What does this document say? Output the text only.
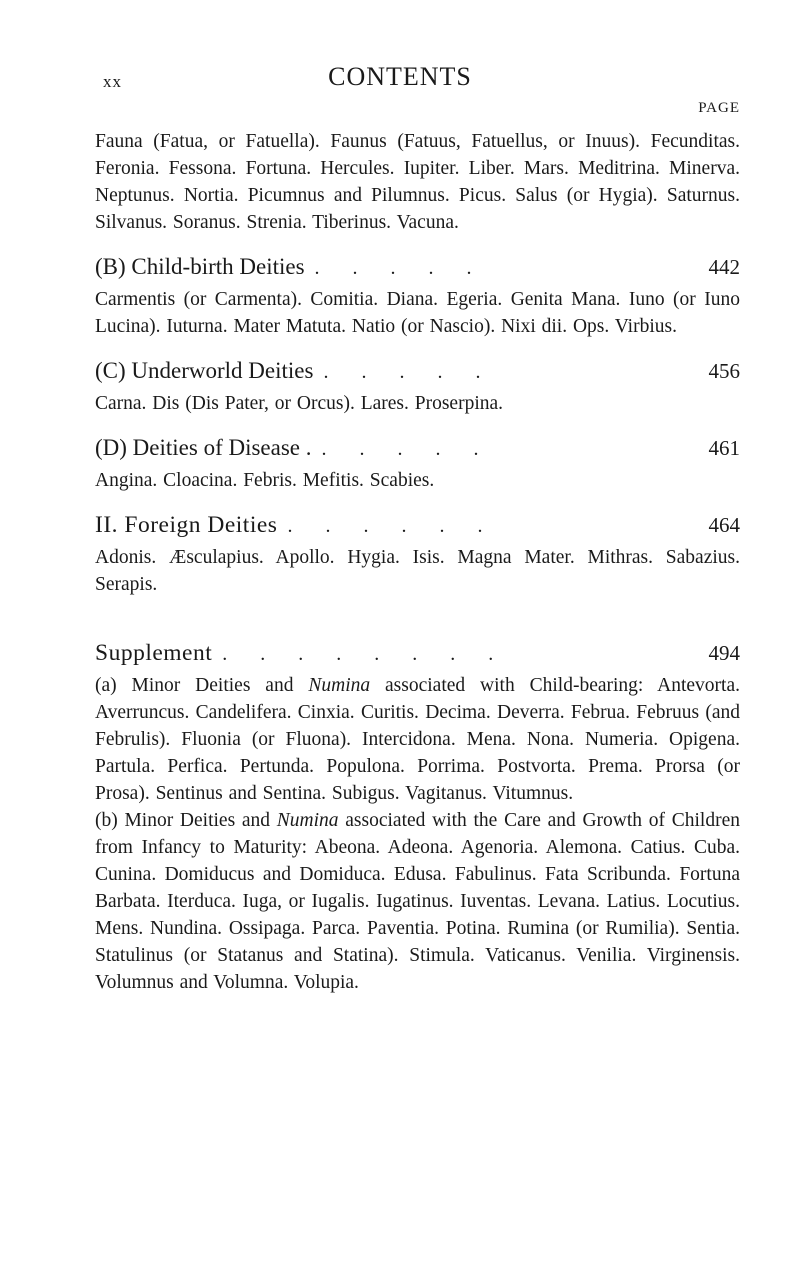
xx	CONTENTS
PAGE
Fauna (Fatua, or Fatuella). Faunus (Fatuus, Fatuellus, or Inuus). Fecunditas. Feronia. Fessona. Fortuna. Hercules. Iupiter. Liber. Mars. Meditrina. Minerva. Neptunus. Nortia. Picumnus and Pilumnus. Picus. Salus (or Hygia). Saturnus. Silvanus. Soranus. Strenia. Tiberinus. Vacuna.
(B) Child-birth Deities . . . . .	442
Carmentis (or Carmenta). Comitia. Diana. Egeria. Genita Mana. Iuno (or Iuno Lucina). Iuturna. Mater Matuta. Natio (or Nascio). Nixi dii. Ops. Virbius.
(C) Underworld Deities . . . . .	456
Carna. Dis (Dis Pater, or Orcus). Lares. Proserpina.
(D) Deities of Disease . . . . . .	461
Angina. Cloacina. Febris. Mefitis. Scabies.
II. Foreign Deities . . . . . .	464
Adonis. Æsculapius. Apollo. Hygia. Isis. Magna Mater. Mithras. Sabazius. Serapis.
Supplement . . . . . . . .	494
(a) Minor Deities and Numina associated with Child-bearing: Antevorta. Averruncus. Candelifera. Cinxia. Curitis. Decima. Deverra. Februa. Februus (and Februlis). Fluonia (or Fluona). Intercidona. Mena. Nona. Numeria. Opigena. Partula. Perfica. Pertunda. Populona. Porrima. Postvorta. Prema. Prorsa (or Prosa). Sentinus and Sentina. Subigus. Vagitanus. Vitumnus.
(b) Minor Deities and Numina associated with the Care and Growth of Children from Infancy to Maturity: Abeona. Adeona. Agenoria. Alemona. Catius. Cuba. Cunina. Domiducus and Domiduca. Edusa. Fabulinus. Fata Scribunda. Fortuna Barbata. Iterduca. Iuga, or Iugalis. Iugatinus. Iuventas. Levana. Latius. Locutius. Mens. Nundina. Ossipaga. Parca. Paventia. Potina. Rumina (or Rumilia). Sentia. Statulinus (or Statanus and Statina). Stimula. Vaticanus. Venilia. Virginensis. Volumnus and Volumna. Volupia.
